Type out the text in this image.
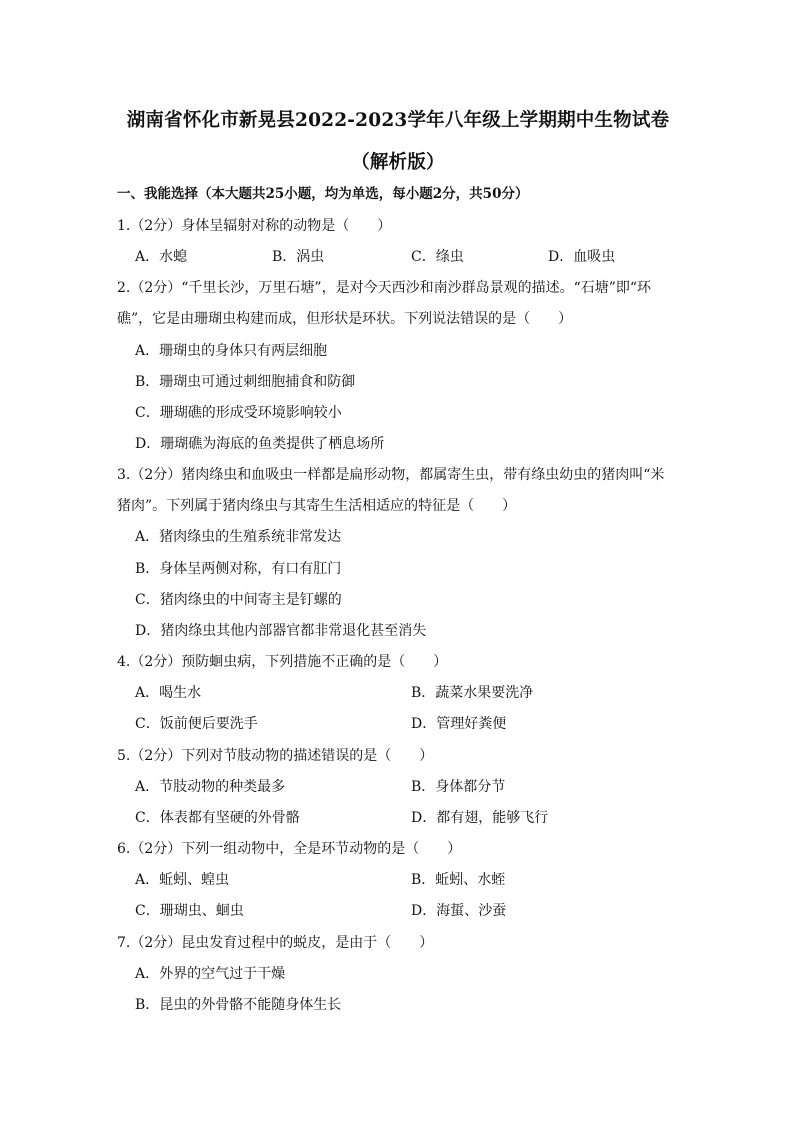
湖南省怀化市新晃县2022-2023学年八年级上学期期中生物试卷
（解析版）
一、我能选择（本大题共25小题，均为单选，每小题2分，共50分）
1.（2分）身体呈辐射对称的动物是（　　）
A．水螅	B．涡虫	C．绦虫	D．血吸虫
2.（2分）“千里长沙，万里石塘”，是对今天西沙和南沙群岛景观的描述。“石塘”即“环
礁”，它是由珊瑚虫构建而成，但形状是环状。下列说法错误的是（　　）
A．珊瑚虫的身体只有两层细胞
B．珊瑚虫可通过刺细胞捕食和防御
C．珊瑚礁的形成受环境影响较小
D．珊瑚礁为海底的鱼类提供了栖息场所
3.（2分）猪肉绦虫和血吸虫一样都是扁形动物，都属寄生虫，带有绦虫幼虫的猪肉叫“米
猪肉”。下列属于猪肉绦虫与其寄生生活相适应的特征是（　　）
A．猪肉绦虫的生殖系统非常发达
B．身体呈两侧对称，有口有肛门
C．猪肉绦虫的中间寄主是钉螺的
D．猪肉绦虫其他内部器官都非常退化甚至消失
4.（2分）预防蛔虫病，下列措施不正确的是（　　）
A．喝生水	B．蔬菜水果要洗净
C．饭前便后要洗手	D．管理好粪便
5.（2分）下列对节肢动物的描述错误的是（　　）
A．节肢动物的种类最多	B．身体都分节
C．体表都有坚硬的外骨骼	D．都有翅，能够飞行
6.（2分）下列一组动物中，全是环节动物的是（　　）
A．蚯蚓、蝗虫	B．蚯蚓、水蛭
C．珊瑚虫、蛔虫	D．海蜇、沙蚕
7.（2分）昆虫发育过程中的蜕皮，是由于（　　）
A．外界的空气过于干燥
B．昆虫的外骨骼不能随身体生长
